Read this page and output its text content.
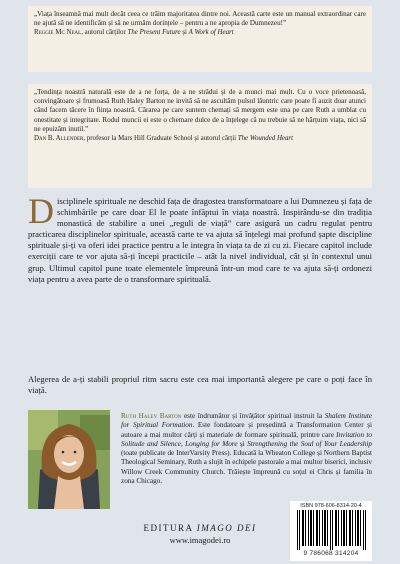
„Viața înseamnă mai mult decât ceea ce trăim majoritatea dintre noi. Această carte este un manual extraordinar care ne ajută să ne identificăm și să ne urmăm dorințele – pentru a ne apropia de Dumnezeu!”

Reggie Mc Neal, autorul cărților The Present Future și A Work of Heart

„Tendința noastră naturală este de a ne forța, de a ne strădui și de a munci mai mult. Cu o voce prietenoasă, convingătoare și frumoasă Ruth Haley Barton ne invită să ne ascultăm pulsul lăuntric care poate fi auzit doar atunci când facem tăcere în ființa noastră. Cărarea pe care suntem chemați să mergem este una pe care Ruth a umblat cu onestitate și integritate. Rodul muncii ei este o chemare dulce de a înțelege că nu trebuie să ne hărțuim viața, nici să ne epuizăm inutil.”

Dan B. Allender, profesor la Mars Hill Graduate School și autorul cărții The Wounded Heart

Disciplinele spirituale ne deschid fața de dragostea transformatoare a lui Dumnezeu și fața de schimbările pe care doar El le poate înfăptui în viața noastră. Inspirându-se din tradiția monastică de stabilire a unei „reguli de viață” care asigură un cadru regulat pentru practicarea disciplinelor spirituale, această carte te va ajuta să înțelegi mai profund șapte discipline spirituale și-ți va oferi idei practice pentru a le integra în viața ta de zi cu zi. Fiecare capitol include exerciții care te vor ajuta să-ți începi practicile – atât la nivel individual, cât și în contextul unui grup. Ultimul capitol pune toate elementele împreună într-un mod care te va ajuta să-ți ordonezi viața pentru a avea parte de o transformare spirituală.
Alegerea de a-ți stabili propriul ritm sacru este cea mai importantă alegere pe care o poți face în viață.
Ruth Haley Barton este îndrumător și învățător spiritual instruit la Shalem Institute for Spiritual Formation. Este fondatoare și președintă a Transformation Center și autoare a mai multor cărți și materiale de formare spirituală, printre care Invitation to Solitude and Silence, Longing for More și Strengthening the Soul of Your Leadership (toate publicate de InterVarsity Press). Educată la Wheaton College și Northern Baptist Theological Seminary, Ruth a slujit în echipele pastorale a mai multor biserici, inclusiv Willow Creek Community Church. Trăiește împreună cu soțul ei Chris și familia în zona Chicago.
ISBN 978-606-8314-20-4
9 786068 314204
EDITURA IMAGO DEI
www.imagodei.ro
